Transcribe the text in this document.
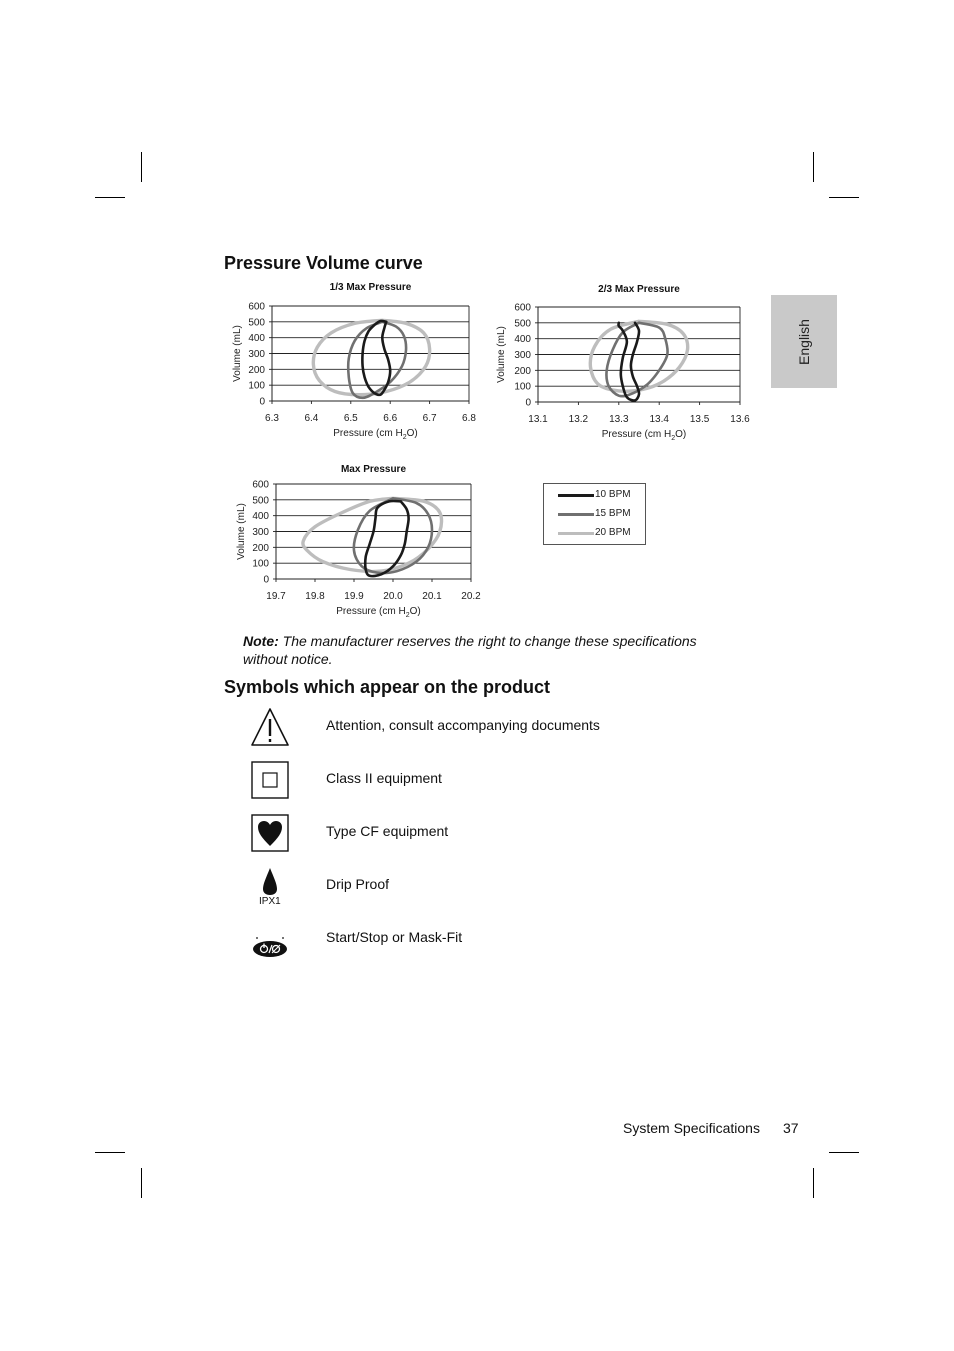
Pressure Volume curve
English
1/3 Max Pressure
0
100
200
300
400
500
600
6.3	6.4	6.5	6.6	6.7	6.8
Pressure (cm $H_2O$)
Volume (mL)
2/3 Max Pressure
0
100
200
300
400
500
600
13.1 13.2 13.3 13.4 13.5 13.6
Pressure (cm $H_2O$)
Volume (mL)
Max Pressure
0
100
200
300
400
500
600
19.7 19.8 19.9 20.0 20.1 20.2
Pressure (cm $H_2O$)
Volume (mL)
10 BPM
15 BPM
20 BPM
Note: The manufacturer reserves the right to change these specifications without notice.
Symbols which appear on the product
Attention, consult accompanying documents
Class II equipment
Type CF equipment
IPX1
Drip Proof
Start/Stop or Mask-Fit
System Specifications 37
